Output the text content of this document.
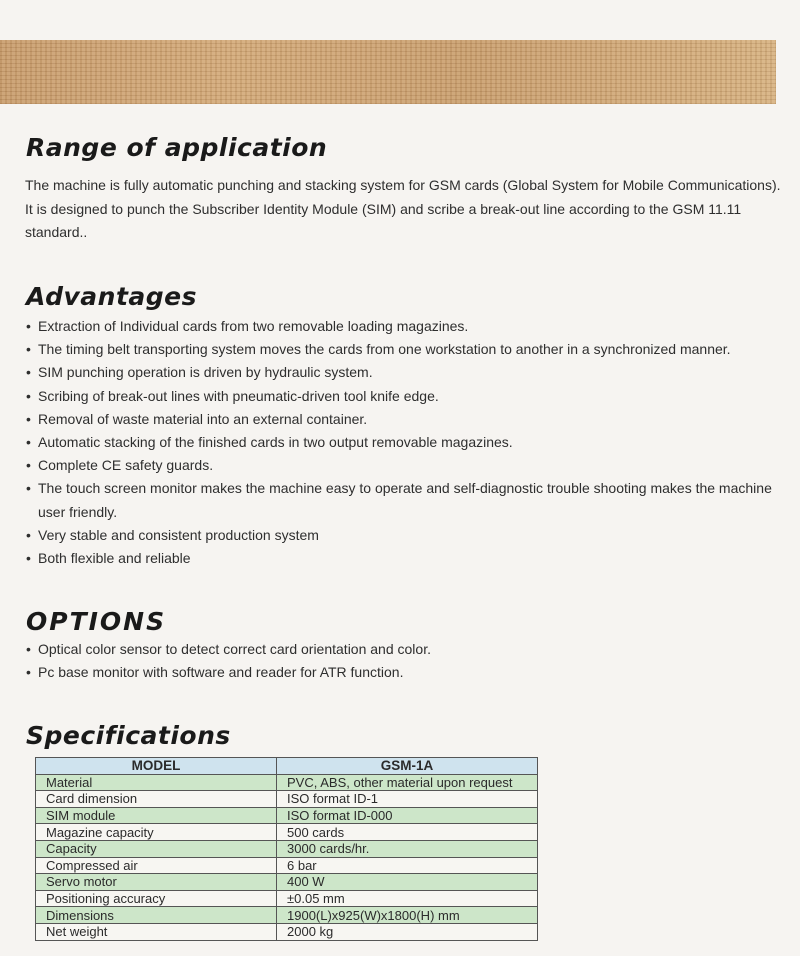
Range of application

The machine is fully automatic punching and stacking system for GSM cards (Global System for Mobile Communications). It is designed to punch the Subscriber Identity Module (SIM) and scribe a break-out line according to the GSM 11.11 standard..

Advantages
• Extraction of Individual cards from two removable loading magazines.
• The timing belt transporting system moves the cards from one workstation to another in a synchronized manner.
• SIM punching operation is driven by hydraulic system.
• Scribing of break-out lines with pneumatic-driven tool knife edge.
• Removal of waste material into an external container.
• Automatic stacking of the finished cards in two output removable magazines.
• Complete CE safety guards.
• The touch screen monitor makes the machine easy to operate and self-diagnostic trouble shooting makes the machine user friendly.
• Very stable and consistent production system
• Both flexible and reliable
OPTIONS
• Optical color sensor to detect correct card orientation and color.
• Pc base monitor with software and reader for ATR function.
Specifications
MODEL	GSM-1A
Material	PVC, ABS, other material upon request
Card dimension	ISO format ID-1
SIM module	ISO format ID-000
Magazine capacity	500 cards
Capacity	3000 cards/hr.
Compressed air	6 bar
Servo motor	400 W
Positioning accuracy	±0.05 mm
Dimensions	1900(L)x925(W)x1800(H) mm
Net weight	2000 kg
